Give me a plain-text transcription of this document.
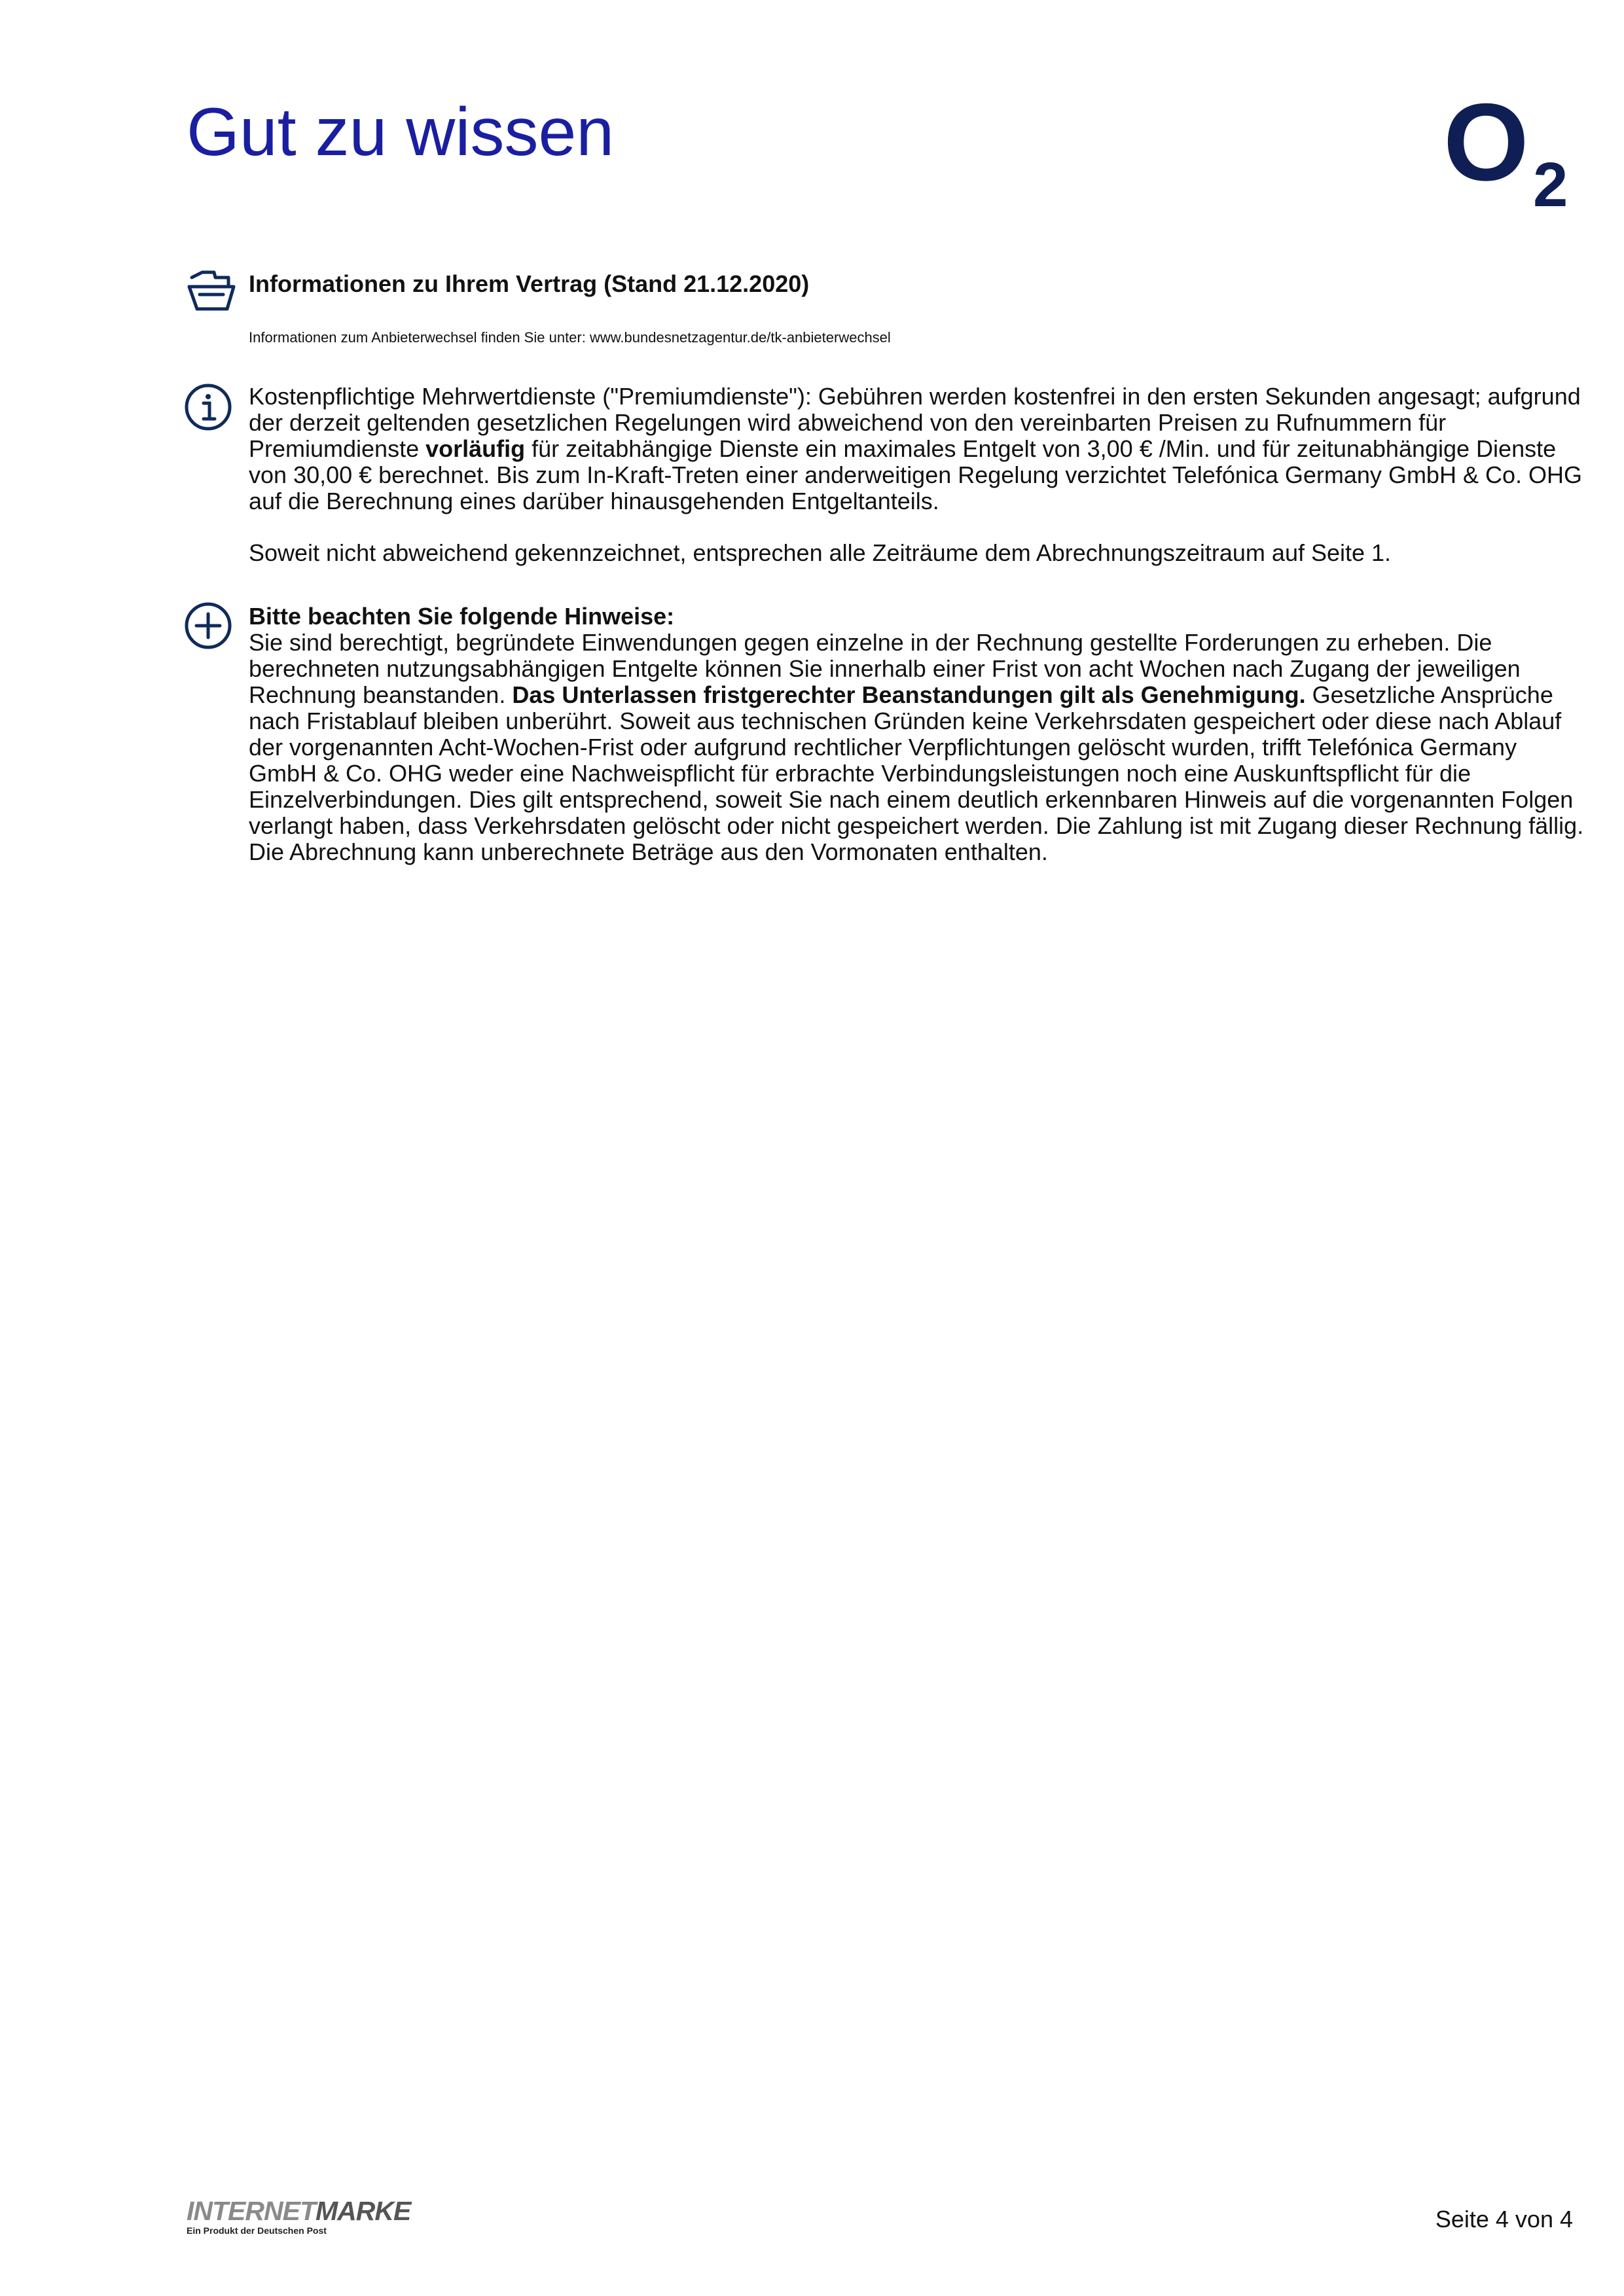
Gut zu wissen	O 2
Informationen zu Ihrem Vertrag (Stand 21.12.2020)
Informationen zum Anbieterwechsel finden Sie unter: www.bundesnetzagentur.de/tk-anbieterwechsel

Kostenpflichtige Mehrwertdienste ("Premiumdienste"): Gebühren werden kostenfrei in den ersten Sekunden angesagt; aufgrund der derzeit geltenden gesetzlichen Regelungen wird abweichend von den vereinbarten Preisen zu Rufnummern für Premiumdienste vorläufig für zeitabhängige Dienste ein maximales Entgelt von 3,00 € /Min. und für zeitunabhängige Dienste von 30,00 € berechnet. Bis zum In-Kraft-Treten einer anderweitigen Regelung verzichtet Telefónica Germany GmbH & Co. OHG auf die Berechnung eines darüber hinausgehenden Entgeltanteils.

Soweit nicht abweichend gekennzeichnet, entsprechen alle Zeiträume dem Abrechnungszeitraum auf Seite 1.

Bitte beachten Sie folgende Hinweise:

Sie sind berechtigt, begründete Einwendungen gegen einzelne in der Rechnung gestellte Forderungen zu erheben. Die berechneten nutzungsabhängigen Entgelte können Sie innerhalb einer Frist von acht Wochen nach Zugang der jeweiligen Rechnung beanstanden. Das Unterlassen fristgerechter Beanstandungen gilt als Genehmigung. Gesetzliche Ansprüche nach Fristablauf bleiben unberührt. Soweit aus technischen Gründen keine Verkehrsdaten gespeichert oder diese nach Ablauf der vorgenannten Acht-Wochen-Frist oder aufgrund rechtlicher Verpflichtungen gelöscht wurden, trifft Telefónica Germany GmbH & Co. OHG weder eine Nachweispflicht für erbrachte Verbindungsleistungen noch eine Auskunftspflicht für die Einzelverbindungen. Dies gilt entsprechend, soweit Sie nach einem deutlich erkennbaren Hinweis auf die vorgenannten Folgen verlangt haben, dass Verkehrsdaten gelöscht oder nicht gespeichert werden. Die Zahlung ist mit Zugang dieser Rechnung fällig. Die Abrechnung kann unberechnete Beträge aus den Vormonaten enthalten.

INTERNETMARKE
Ein Produkt der Deutschen Post	Seite 4 von 4
